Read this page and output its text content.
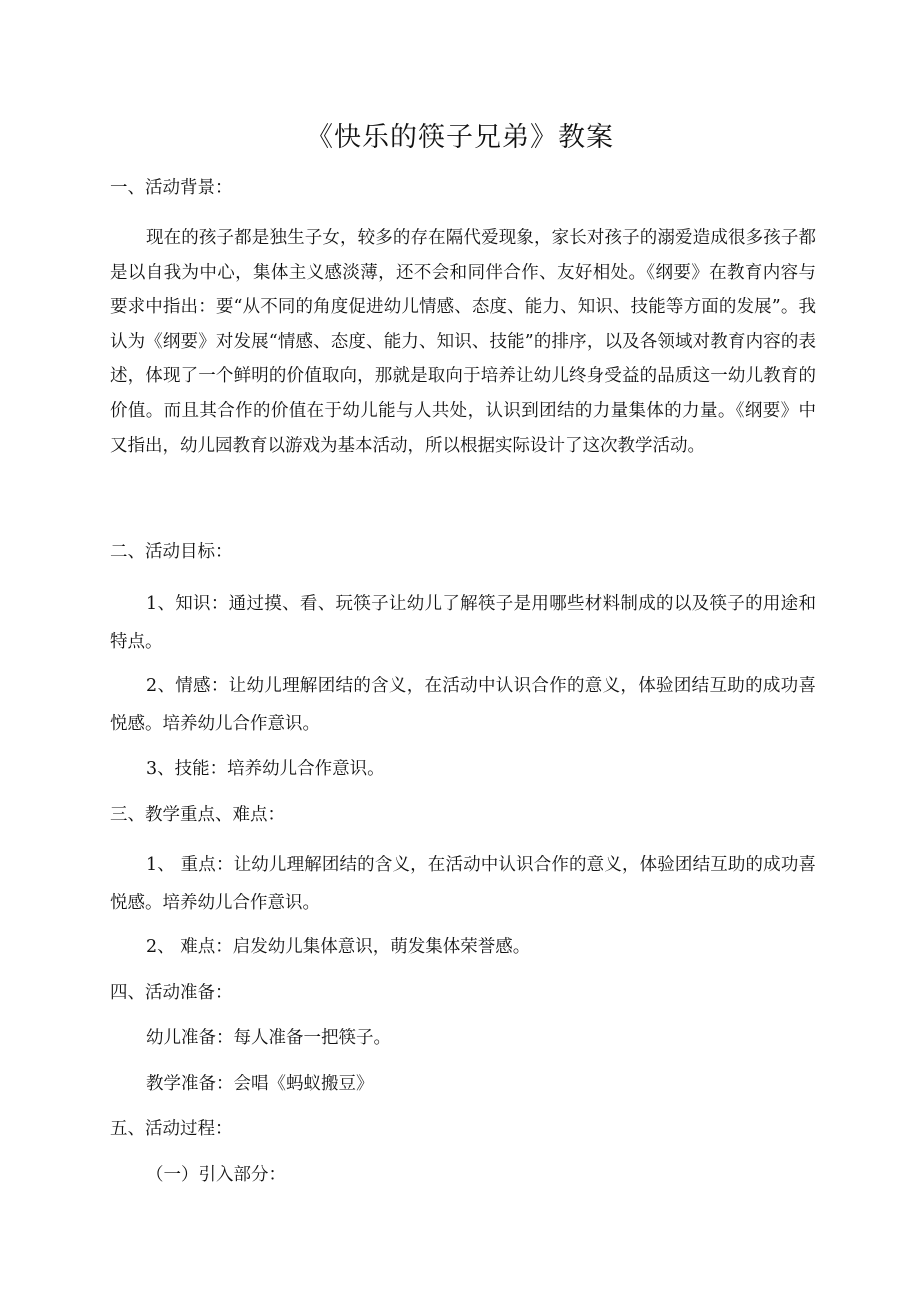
《快乐的筷子兄弟》教案
一、活动背景：
现在的孩子都是独生子女，较多的存在隔代爱现象，家长对孩子的溺爱造成很多孩子都是以自我为中心，集体主义感淡薄，还不会和同伴合作、友好相处。《纲要》在教育内容与要求中指出：要“从不同的角度促进幼儿情感、态度、能力、知识、技能等方面的发展”。我认为《纲要》对发展“情感、态度、能力、知识、技能”的排序，以及各领域对教育内容的表述，体现了一个鲜明的价值取向，那就是取向于培养让幼儿终身受益的品质这一幼儿教育的价值。而且其合作的价值在于幼儿能与人共处，认识到团结的力量集体的力量。《纲要》中又指出，幼儿园教育以游戏为基本活动，所以根据实际设计了这次教学活动。
二、活动目标：
1、知识：通过摸、看、玩筷子让幼儿了解筷子是用哪些材料制成的以及筷子的用途和特点。
2、情感：让幼儿理解团结的含义，在活动中认识合作的意义，体验团结互助的成功喜悦感。培养幼儿合作意识。
3、技能：培养幼儿合作意识。
三、教学重点、难点：
1、 重点：让幼儿理解团结的含义，在活动中认识合作的意义，体验团结互助的成功喜悦感。培养幼儿合作意识。
2、 难点：启发幼儿集体意识，萌发集体荣誉感。
四、活动准备：
幼儿准备：每人准备一把筷子。
教学准备：会唱《蚂蚁搬豆》
五、活动过程：
（一）引入部分：
